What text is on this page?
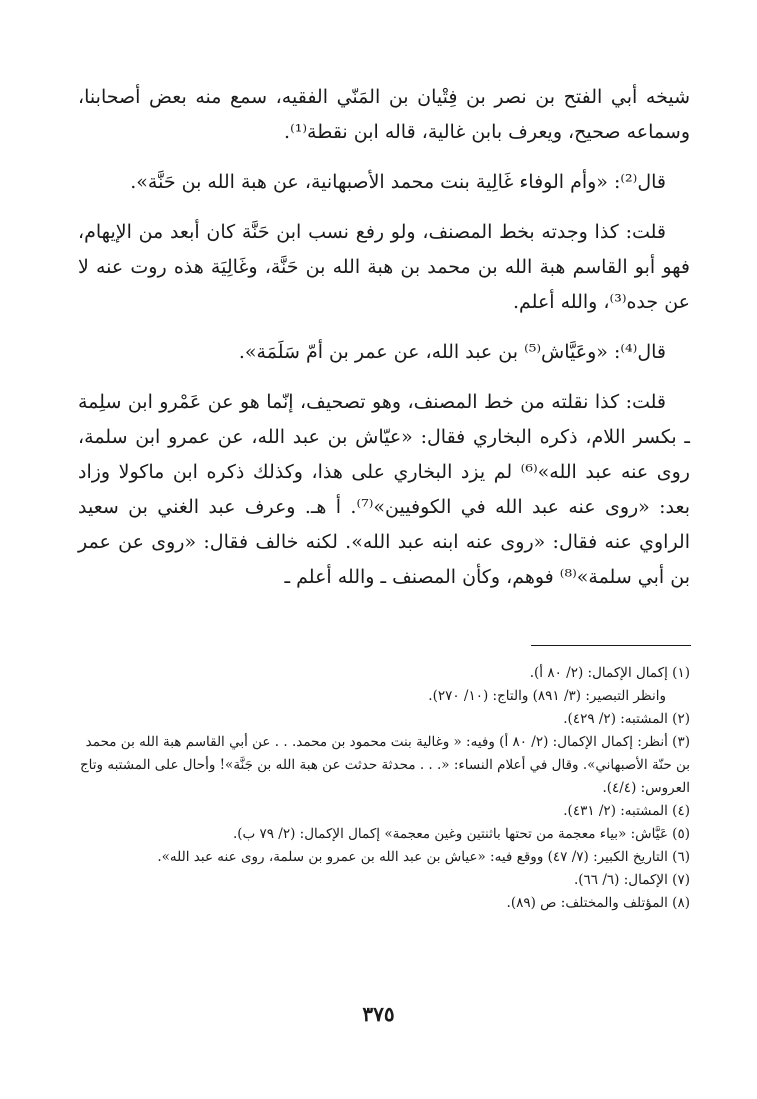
شيخه أبي الفتح بن نصر بن فِتْيان بن المَنّي الفقيه، سمع منه بعض أصحابنا، وسماعه صحيح، ويعرف بابن غالية، قاله ابن نقطة⁽¹⁾.

قال⁽²⁾: «وأم الوفاء غَالِية بنت محمد الأصبهانية، عن هبة الله بن حَنَّة».

قلت: كذا وجدته بخط المصنف، ولو رفع نسب ابن حَنَّة كان أبعد من الإيهام، فهو أبو القاسم هبة الله بن محمد بن هبة الله بن حَنَّة، وغَالِيَة هذه روت عنه لا عن جده⁽³⁾، والله أعلم.

قال⁽⁴⁾: «وعَيَّاش⁽⁵⁾ بن عبد الله، عن عمر بن أمّ سَلَمَة».

قلت: كذا نقلته من خط المصنف، وهو تصحيف، إنّما هو عن عَمْرو ابن سلِمة ـ بكسر اللام، ذكره البخاري فقال: «عيّاش بن عبد الله، عن عمرو ابن سلمة، روى عنه عبد الله»⁽⁶⁾ لم يزد البخاري على هذا، وكذلك ذكره ابن ماكولا وزاد بعد: «روى عنه عبد الله في الكوفيين»⁽⁷⁾. أ هـ. وعرف عبد الغني بن سعيد الراوي عنه فقال: «روى عنه ابنه عبد الله». لكنه خالف فقال: «روى عن عمر بن أبي سلمة»⁽⁸⁾ فوهم، وكأن المصنف ـ والله أعلم ـ

(١) إكمال الإكمال: (٢/ ٨٠ أ).

وانظر التبصير: (٣/ ٨٩١) والتاج: (١٠/ ٢٧٠).

(٢) المشتبه: (٢/ ٤٢٩).

(٣) أنظر: إكمال الإكمال: (٢/ ٨٠ أ) وفيه: « وغالية بنت محمود بن محمد. . . عن أبي القاسم هبة الله بن محمد بن حنّة الأصبهاني». وقال في أعلام النساء: «. . . محدثة حدثت عن هبة الله بن جَنَّة»! وأحال على المشتبه وتاج العروس: (٤/٤).

(٤) المشتبه: (٢/ ٤٣١).

(٥) عَيَّاش: «بياء معجمة من تحتها باثنتين وغين معجمة» إكمال الإكمال: (٢/ ٧٩ ب).

(٦) التاريخ الكبير: (٧/ ٤٧) ووقع فيه: «عياش بن عبد الله بن عمرو بن سلمة، روى عنه عبد الله».

(٧) الإكمال: (٦/ ٦٦).

(٨) المؤتلف والمختلف: ص (٨٩).

٣٧٥
